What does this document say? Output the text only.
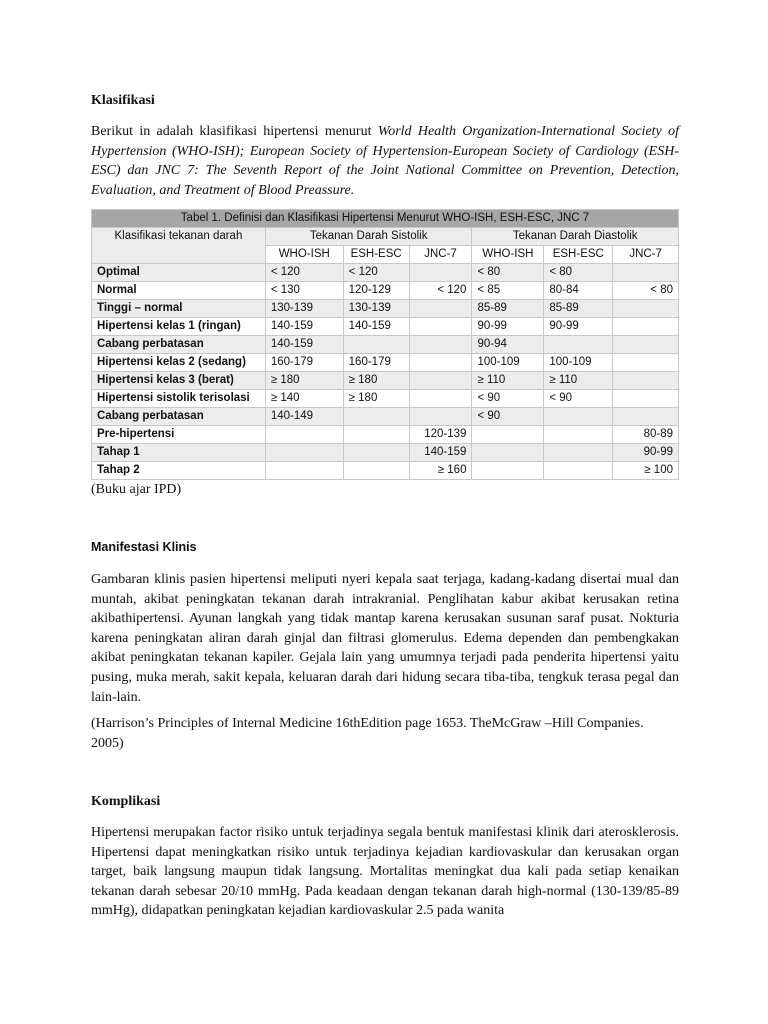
Klasifikasi

Berikut in adalah klasifikasi hipertensi menurut World Health Organization-International Society of Hypertension (WHO-ISH); European Society of Hypertension-European Society of Cardiology (ESH-ESC) dan JNC 7: The Seventh Report of the Joint National Committee on Prevention, Detection, Evaluation, and Treatment of Blood Preassure.

Tabel 1. Definisi dan Klasifikasi Hipertensi Menurut WHO-ISH, ESH-ESC, JNC 7						
Klasifikasi tekanan darah	Tekanan Darah Sistolik			Tekanan Darah Diastolik		
	WHO-ISH	ESH-ESC	JNC-7	WHO-ISH	ESH-ESC	JNC-7
Optimal	< 120	< 120		< 80	< 80	
Normal	< 130	120-129	< 120	< 85	80-84	< 80
Tinggi – normal	130-139	130-139		85-89	85-89	
Hipertensi kelas 1 (ringan)	140-159	140-159		90-99	90-99	
Cabang perbatasan	140-159			90-94		
Hipertensi kelas 2 (sedang)	160-179	160-179		100-109	100-109	
Hipertensi kelas 3 (berat)	≥ 180	≥ 180		≥ 110	≥ 110	
Hipertensi sistolik terisolasi	≥ 140	≥ 180		< 90	< 90	
Cabang perbatasan	140-149			< 90		
Pre-hipertensi			120-139			80-89
Tahap 1			140-159			90-99
Tahap 2			≥ 160			≥ 100
(Buku ajar IPD)
Manifestasi Klinis

Gambaran klinis pasien hipertensi meliputi nyeri kepala saat terjaga, kadang-kadang disertai mual dan muntah, akibat peningkatan tekanan darah intrakranial. Penglihatan kabur akibat kerusakan retina akibathipertensi. Ayunan langkah yang tidak mantap karena kerusakan susunan saraf pusat. Nokturia karena peningkatan aliran darah ginjal dan filtrasi glomerulus. Edema dependen dan pembengkakan akibat peningkatan tekanan kapiler. Gejala lain yang umumnya terjadi pada penderita hipertensi yaitu pusing, muka merah, sakit kepala, keluaran darah dari hidung secara tiba-tiba, tengkuk terasa pegal dan lain-lain.

(Harrison’s Principles of Internal Medicine 16thEdition page 1653. TheMcGraw –Hill Companies. 2005)

Komplikasi

Hipertensi merupakan factor risiko untuk terjadinya segala bentuk manifestasi klinik dari aterosklerosis. Hipertensi dapat meningkatkan risiko untuk terjadinya kejadian kardiovaskular dan kerusakan organ target, baik langsung maupun tidak langsung. Mortalitas meningkat dua kali pada setiap kenaikan tekanan darah sebesar 20/10 mmHg. Pada keadaan dengan tekanan darah high-normal (130-139/85-89 mmHg), didapatkan peningkatan kejadian kardiovaskular 2.5 pada wanita
